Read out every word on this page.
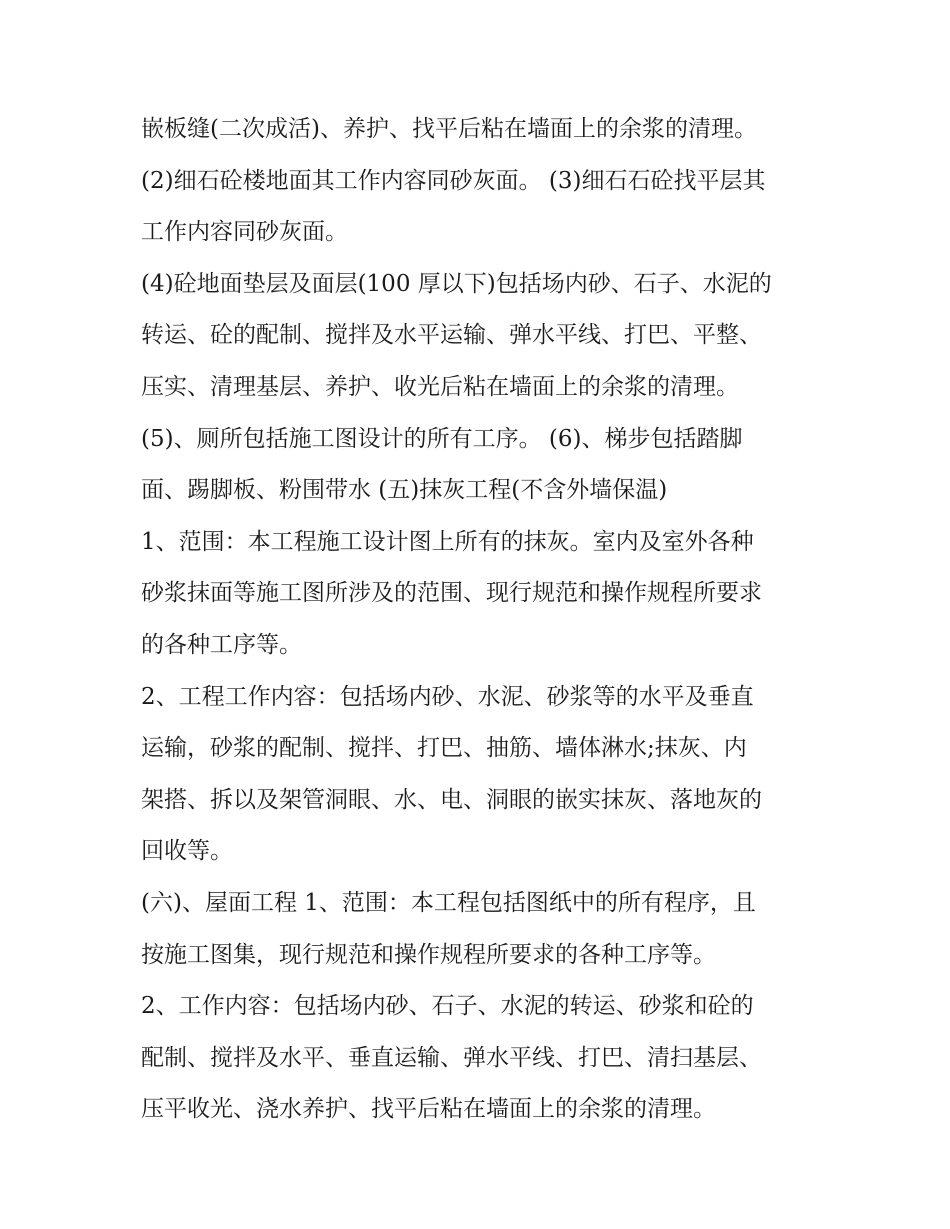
嵌板缝(二次成活)、养护、找平后粘在墙面上的余浆的清理。
(2)细石砼楼地面其工作内容同砂灰面。 (3)细石石砼找平层其
工作内容同砂灰面。
(4)砼地面垫层及面层(100 厚以下)包括场内砂、石子、水泥的
转运、砼的配制、搅拌及水平运输、弹水平线、打巴、平整、
压实、清理基层、养护、收光后粘在墙面上的余浆的清理。
(5)、厕所包括施工图设计的所有工序。 (6)、梯步包括踏脚
面、踢脚板、粉围带水 (五)抹灰工程(不含外墙保温)
1、范围：本工程施工设计图上所有的抹灰。室内及室外各种
砂浆抹面等施工图所涉及的范围、现行规范和操作规程所要求
的各种工序等。
2、工程工作内容：包括场内砂、水泥、砂浆等的水平及垂直
运输，砂浆的配制、搅拌、打巴、抽筋、墙体淋水;抹灰、内
架搭、拆以及架管洞眼、水、电、洞眼的嵌实抹灰、落地灰的
回收等。
(六)、屋面工程 1、范围：本工程包括图纸中的所有程序，且
按施工图集，现行规范和操作规程所要求的各种工序等。
2、工作内容：包括场内砂、石子、水泥的转运、砂浆和砼的
配制、搅拌及水平、垂直运输、弹水平线、打巴、清扫基层、
压平收光、浇水养护、找平后粘在墙面上的余浆的清理。
